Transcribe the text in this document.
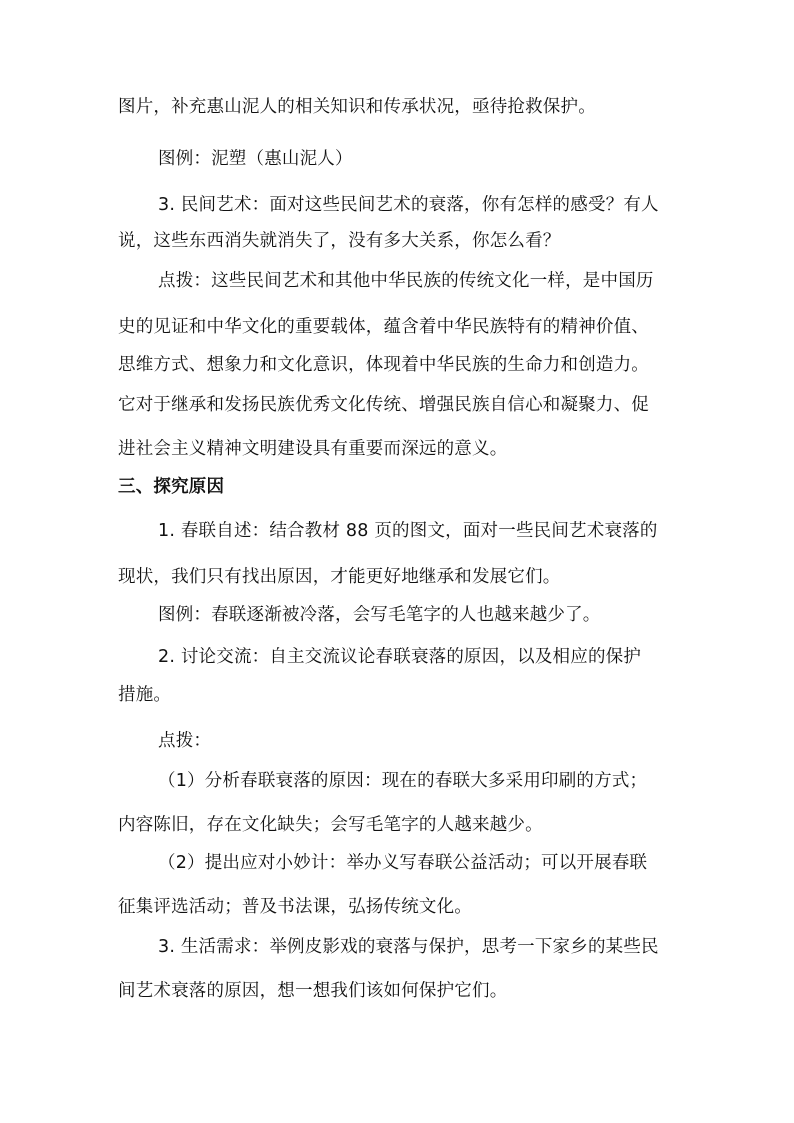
图片，补充惠山泥人的相关知识和传承状况，亟待抢救保护。
图例：泥塑（惠山泥人）
3. 民间艺术：面对这些民间艺术的衰落，你有怎样的感受？有人
说，这些东西消失就消失了，没有多大关系，你怎么看？
点拨：这些民间艺术和其他中华民族的传统文化一样，是中国历
史的见证和中华文化的重要载体，蕴含着中华民族特有的精神价值、
思维方式、想象力和文化意识，体现着中华民族的生命力和创造力。
它对于继承和发扬民族优秀文化传统、增强民族自信心和凝聚力、促
进社会主义精神文明建设具有重要而深远的意义。
三、探究原因
1. 春联自述：结合教材 88 页的图文，面对一些民间艺术衰落的
现状，我们只有找出原因，才能更好地继承和发展它们。
图例：春联逐渐被冷落，会写毛笔字的人也越来越少了。
2. 讨论交流：自主交流议论春联衰落的原因，以及相应的保护
措施。
点拨：
（1）分析春联衰落的原因：现在的春联大多采用印刷的方式；
内容陈旧，存在文化缺失；会写毛笔字的人越来越少。
（2）提出应对小妙计：举办义写春联公益活动；可以开展春联
征集评选活动；普及书法课，弘扬传统文化。
3. 生活需求：举例皮影戏的衰落与保护，思考一下家乡的某些民
间艺术衰落的原因，想一想我们该如何保护它们。
